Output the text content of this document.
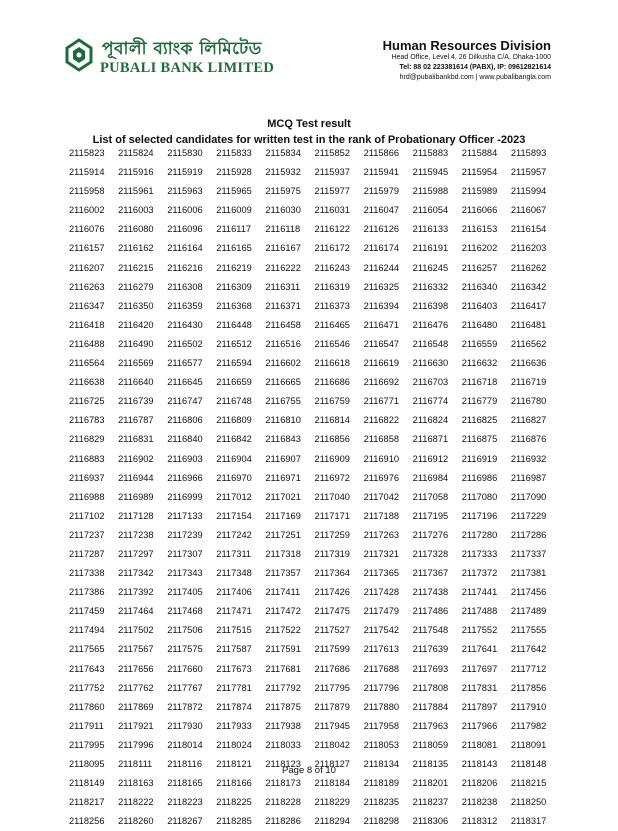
পূবালী ব্যাংক লিমিটেড
PUBALI BANK LIMITED
Human Resources Division
Head Office, Level 4, 26 Dilkusha C/A, Dhaka-1000
Tel: 88 02 223381614 (PABX), IP: 09612821614
hrd@pubalibankbd.com | www.pubalibangla.com
MCQ Test result
List of selected candidates for written test in the rank of Probationary Officer -2023
2115823	2115824	2115830	2115833	2115834	2115852	2115866	2115883	2115884	2115893
2115914	2115916	2115919	2115928	2115932	2115937	2115941	2115945	2115954	2115957
2115958	2115961	2115963	2115965	2115975	2115977	2115979	2115988	2115989	2115994
2116002	2116003	2116006	2116009	2116030	2116031	2116047	2116054	2116066	2116067
2116076	2116080	2116096	2116117	2116118	2116122	2116126	2116133	2116153	2116154
2116157	2116162	2116164	2116165	2116167	2116172	2116174	2116191	2116202	2116203
2116207	2116215	2116216	2116219	2116222	2116243	2116244	2116245	2116257	2116262
2116263	2116279	2116308	2116309	2116311	2116319	2116325	2116332	2116340	2116342
2116347	2116350	2116359	2116368	2116371	2116373	2116394	2116398	2116403	2116417
2116418	2116420	2116430	2116448	2116458	2116465	2116471	2116476	2116480	2116481
2116488	2116490	2116502	2116512	2116516	2116546	2116547	2116548	2116559	2116562
2116564	2116569	2116577	2116594	2116602	2116618	2116619	2116630	2116632	2116636
2116638	2116640	2116645	2116659	2116665	2116686	2116692	2116703	2116718	2116719
2116725	2116739	2116747	2116748	2116755	2116759	2116771	2116774	2116779	2116780
2116783	2116787	2116806	2116809	2116810	2116814	2116822	2116824	2116825	2116827
2116829	2116831	2116840	2116842	2116843	2116856	2116858	2116871	2116875	2116876
2116883	2116902	2116903	2116904	2116907	2116909	2116910	2116912	2116919	2116932
2116937	2116944	2116966	2116970	2116971	2116972	2116976	2116984	2116986	2116987
2116988	2116989	2116999	2117012	2117021	2117040	2117042	2117058	2117080	2117090
2117102	2117128	2117133	2117154	2117169	2117171	2117188	2117195	2117196	2117229
2117237	2117238	2117239	2117242	2117251	2117259	2117263	2117276	2117280	2117286
2117287	2117297	2117307	2117311	2117318	2117319	2117321	2117328	2117333	2117337
2117338	2117342	2117343	2117348	2117357	2117364	2117365	2117367	2117372	2117381
2117386	2117392	2117405	2117406	2117411	2117426	2117428	2117438	2117441	2117456
2117459	2117464	2117468	2117471	2117472	2117475	2117479	2117486	2117488	2117489
2117494	2117502	2117506	2117515	2117522	2117527	2117542	2117548	2117552	2117555
2117565	2117567	2117575	2117587	2117591	2117599	2117613	2117639	2117641	2117642
2117643	2117656	2117660	2117673	2117681	2117686	2117688	2117693	2117697	2117712
2117752	2117762	2117767	2117781	2117792	2117795	2117796	2117808	2117831	2117856
2117860	2117869	2117872	2117874	2117875	2117879	2117880	2117884	2117897	2117910
2117911	2117921	2117930	2117933	2117938	2117945	2117958	2117963	2117966	2117982
2117995	2117996	2118014	2118024	2118033	2118042	2118053	2118059	2118081	2118091
2118095	2118111	2118116	2118121	2118123	2118127	2118134	2118135	2118143	2118148
2118149	2118163	2118165	2118166	2118173	2118184	2118189	2118201	2118206	2118215
2118217	2118222	2118223	2118225	2118228	2118229	2118235	2118237	2118238	2118250
2118256	2118260	2118267	2118285	2118286	2118294	2118298	2118306	2118312	2118317
Page 8 of 10
